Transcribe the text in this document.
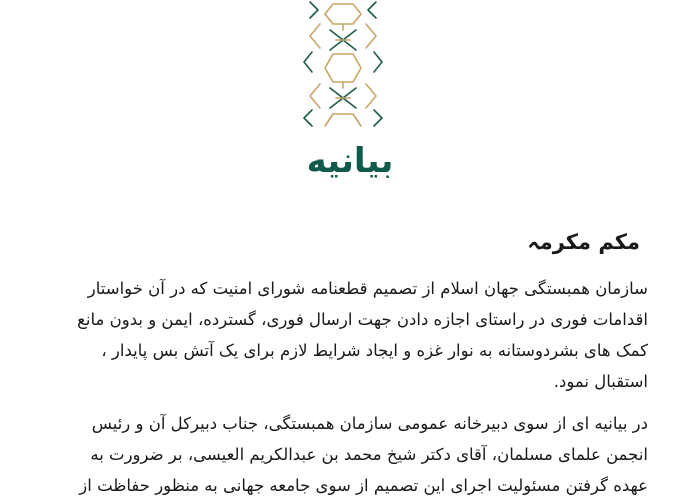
بیانیه
مکم مکرمہ

سازمان همبستگی جهان اسلام از تصمیم قطعنامه شورای امنیت که در آن خواستار
اقدامات فوری در راستای اجازه دادن جهت ارسال فوری، گسترده، ایمن و بدون مانع
کمک های بشردوستانه به نوار غزه و ایجاد شرایط لازم برای یک آتش بس پایدار ،
استقبال نمود.

در بیانیه ای از سوی دبیرخانه عمومی سازمان همبستگی، جناب دبیرکل آن و رئیس
انجمن علمای مسلمان، آقای دکتر شیخ محمد بن عبدالکریم العیسی، بر ضرورت به
عهده گرفتن مسئولیت اجرای این تصمیم از سوی جامعه جهانی به منظور حفاظت از
